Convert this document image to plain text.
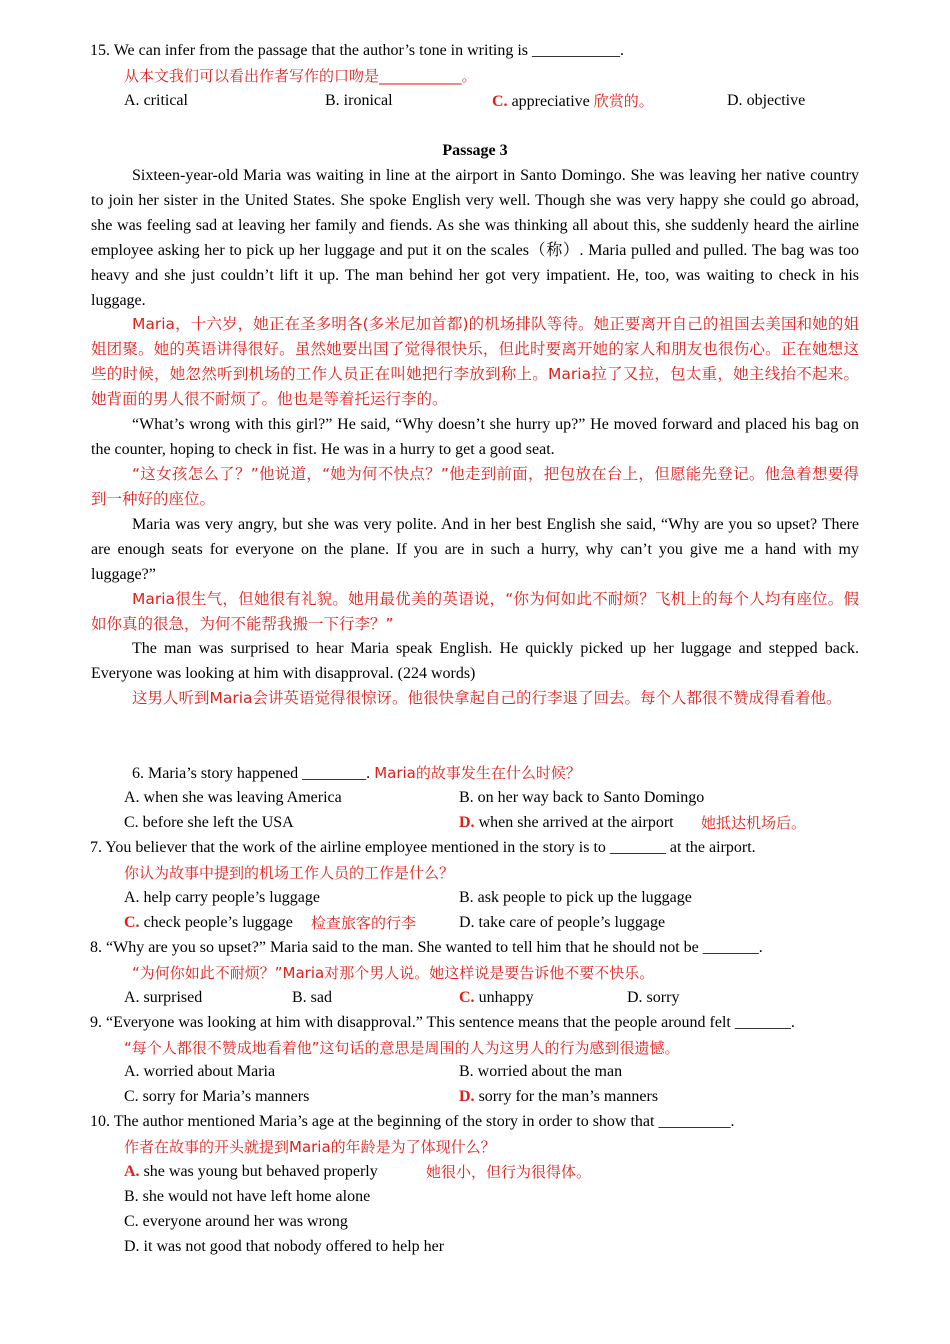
15. We can infer from the passage that the author’s tone in writing is ___________.
从本文我们可以看出作者写作的口吻是___________。
A. critical	B. ironical	C. appreciative 欣赏的。	D. objective
Passage 3
Sixteen-year-old Maria was waiting in line at the airport in Santo Domingo. She was leaving her native country to join her sister in the United States. She spoke English very well. Though she was very happy she could go abroad, she was feeling sad at leaving her family and fiends. As she was thinking all about this, she suddenly heard the airline employee asking her to pick up her luggage and put it on the scales（称）. Maria pulled and pulled. The bag was too heavy and she just couldn’t lift it up. The man behind her got very impatient. He, too, was waiting to check in his luggage.
Maria，十六岁，她正在圣多明各(多米尼加首都)的机场排队等待。她正要离开自己的祖国去美国和她的姐姐团聚。她的英语讲得很好。虽然她要出国了觉得很快乐，但此时要离开她的家人和朋友也很伤心。正在她想这些的时候，她忽然听到机场的工作人员正在叫她把行李放到称上。Maria拉了又拉，包太重，她主线抬不起来。她背面的男人很不耐烦了。他也是等着托运行李的。
“What’s wrong with this girl?” He said, “Why doesn’t she hurry up?” He moved forward and placed his bag on the counter, hoping to check in fist. He was in a hurry to get a good seat.
“这女孩怎么了？”他说道，“她为何不快点？”他走到前面，把包放在台上，但愿能先登记。他急着想要得到一种好的座位。
Maria was very angry, but she was very polite. And in her best English she said, “Why are you so upset? There are enough seats for everyone on the plane. If you are in such a hurry, why can’t you give me a hand with my luggage?”
Maria很生气，但她很有礼貌。她用最优美的英语说，“你为何如此不耐烦？飞机上的每个人均有座位。假如你真的很急，为何不能帮我搬一下行李？”
The man was surprised to hear Maria speak English. He quickly picked up her luggage and stepped back. Everyone was looking at him with disapproval. (224 words)
这男人听到Maria会讲英语觉得很惊讶。他很快拿起自己的行李退了回去。每个人都很不赞成得看着他。
6. Maria’s story happened ________. Maria的故事发生在什么时候？
A. when she was leaving America	B. on her way back to Santo Domingo
C. before she left the USA	D. when she arrived at the airport 她抵达机场后。
7. You believer that the work of the airline employee mentioned in the story is to _______ at the airport.
你认为故事中提到的机场工作人员的工作是什么？
A. help carry people’s luggage	B. ask people to pick up the luggage
C. check people’s luggage 检查旅客的行李	D. take care of people’s luggage
8. “Why are you so upset?” Maria said to the man. She wanted to tell him that he should not be _______.
“为何你如此不耐烦？”Maria对那个男人说。她这样说是要告诉他不要不快乐。
A. surprised	B. sad	C. unhappy	D. sorry
9. “Everyone was looking at him with disapproval.” This sentence means that the people around felt _______.
“每个人都很不赞成地看着他”这句话的意思是周围的人为这男人的行为感到很遗憾。
A. worried about Maria	B. worried about the man
C. sorry for Maria’s manners	D. sorry for the man’s manners
10. The author mentioned Maria’s age at the beginning of the story in order to show that _________.
作者在故事的开头就提到Maria的年龄是为了体现什么？
A. she was young but behaved properly	她很小，但行为很得体。
B. she would not have left home alone
C. everyone around her was wrong
D. it was not good that nobody offered to help her
